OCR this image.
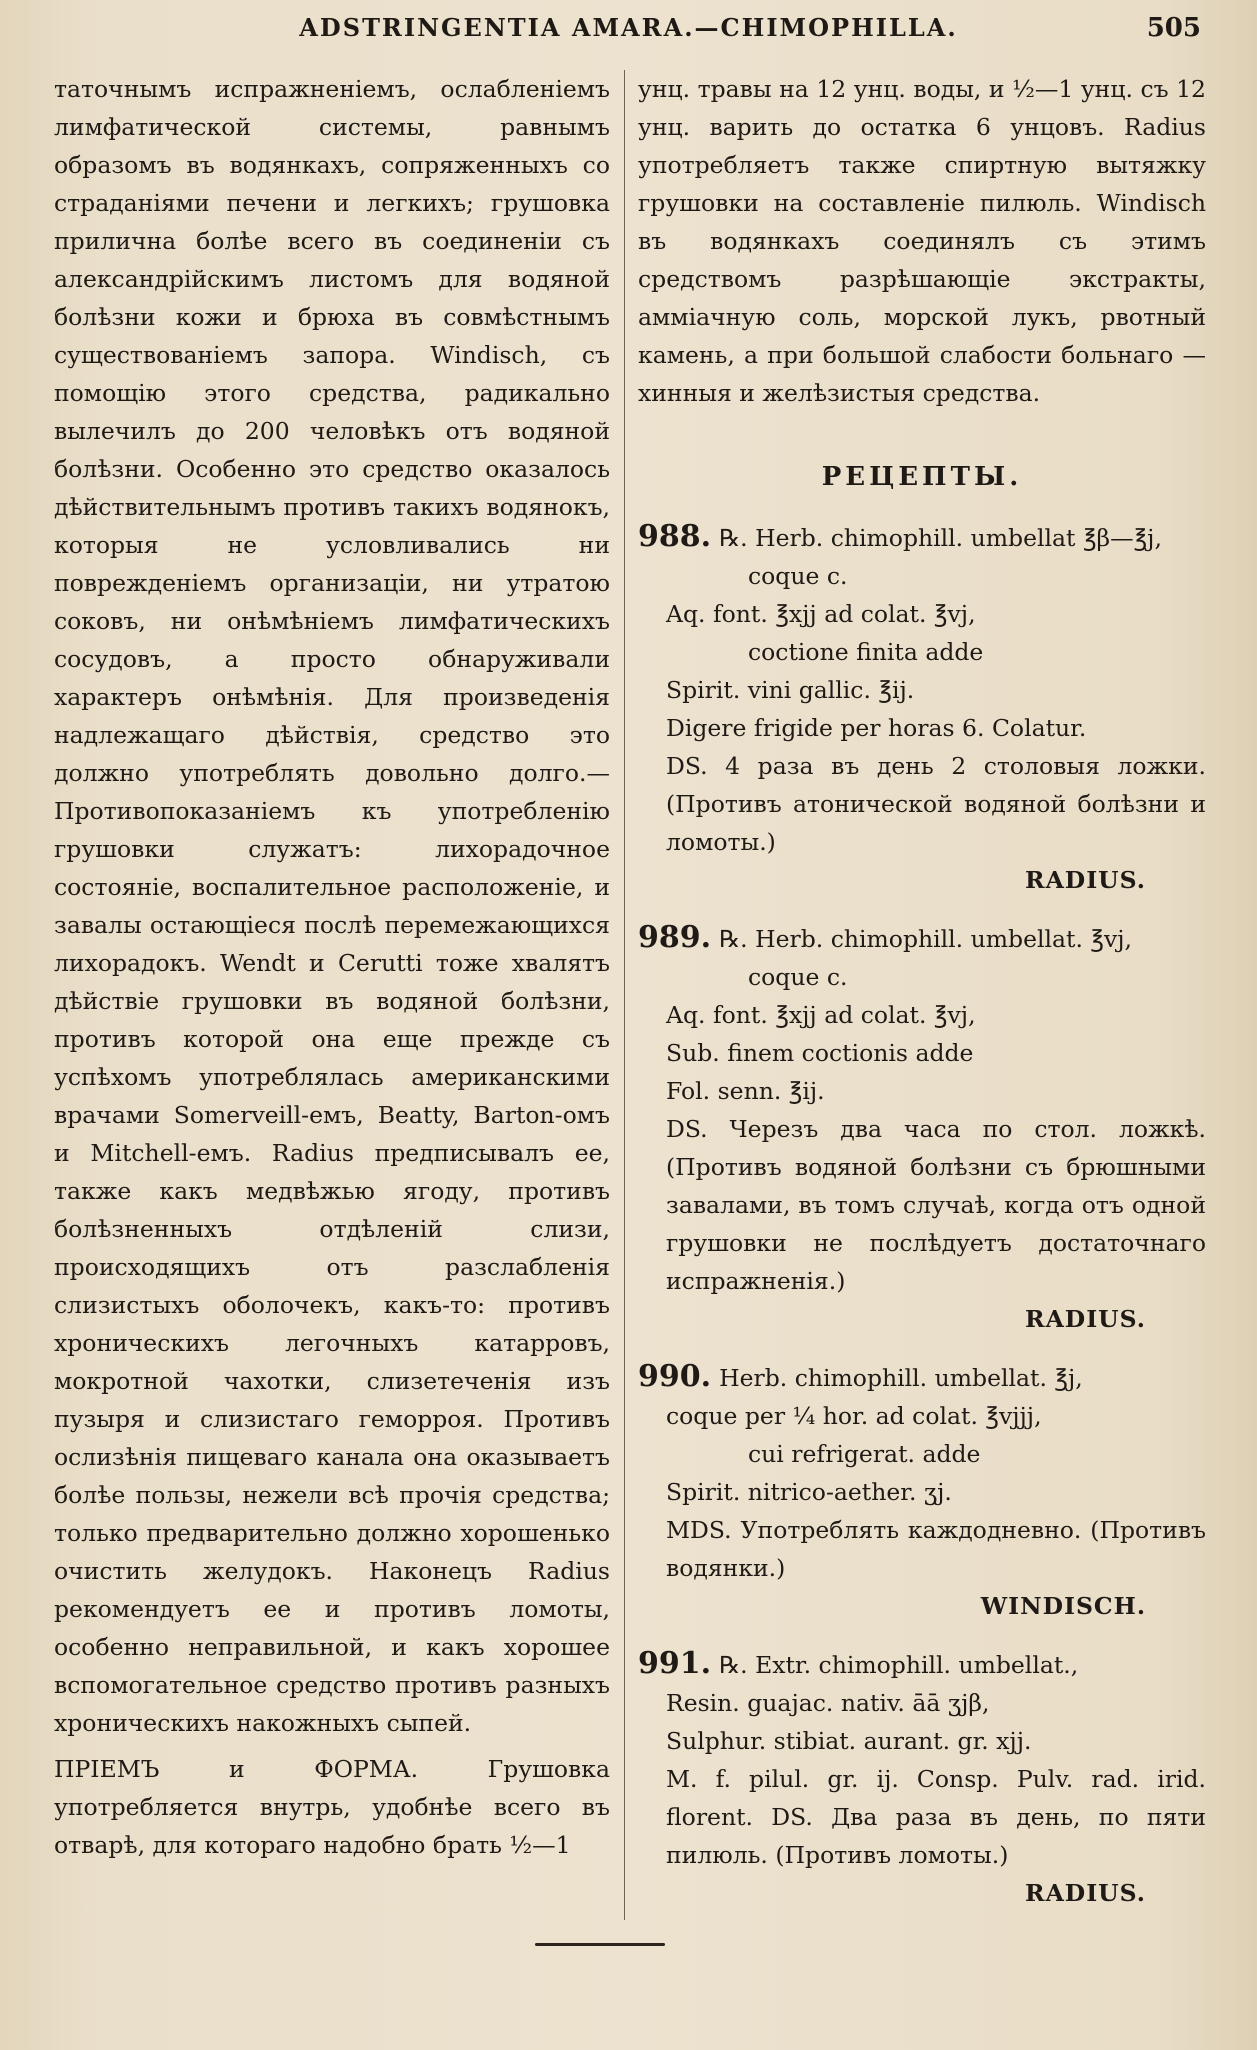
ADSTRINGENTIA AMARA.—CHIMOPHILLA.	505

таточнымъ испражненіемъ, ослабленіемъ лимфатической системы, равнымъ образомъ въ водянкахъ, сопряженныхъ со страданіями печени и легкихъ; грушовка прилична болѣе всего въ соединеніи съ александрійскимъ листомъ для водяной болѣзни кожи и брюха въ совмѣстнымъ существованіемъ запора. Windisch, съ помощію этого средства, радикально вылечилъ до 200 человѣкъ отъ водяной болѣзни. Особенно это средство оказалось дѣйствительнымъ противъ такихъ водянокъ, которыя не условливались ни поврежденіемъ организаціи, ни утратою соковъ, ни онѣмѣніемъ лимфатическихъ сосудовъ, а просто обнаруживали характеръ онѣмѣнія. Для произведенія надлежащаго дѣйствія, средство это должно употреблять довольно долго.—Противопоказаніемъ къ употребленію грушовки служатъ: лихорадочное состояніе, воспалительное расположеніе, и завалы остающіеся послѣ перемежающихся лихорадокъ. Wendt и Cerutti тоже хвалятъ дѣйствіе грушовки въ водяной болѣзни, противъ которой она еще прежде съ успѣхомъ употреблялась американскими врачами Somerveill-емъ, Beatty, Barton-омъ и Mitchell-емъ. Radius предписывалъ ее, также какъ медвѣжью ягоду, противъ болѣзненныхъ отдѣленій слизи, происходящихъ отъ разслабленія слизистыхъ оболочекъ, какъ-то: противъ хроническихъ легочныхъ катарровъ, мокротной чахотки, слизетеченія изъ пузыря и слизистаго геморроя. Противъ ослизѣнія пищеваго канала она оказываетъ болѣе пользы, нежели всѣ прочія средства; только предварительно должно хорошенько очистить желудокъ. Наконецъ Radius рекомендуетъ ее и противъ ломоты, особенно неправильной, и какъ хорошее вспомогательное средство противъ разныхъ хроническихъ накожныхъ сыпей.

ПРІЕМЪ и ФОРМА. Грушовка употребляется внутрь, удобнѣе всего въ отварѣ, для котораго надобно брать ½—1

унц. травы на 12 унц. воды, и ½—1 унц. съ 12 унц. варить до остатка 6 унцовъ. Radius употребляетъ также спиртную вытяжку грушовки на составленіе пилюль. Windisch въ водянкахъ соединялъ съ этимъ средствомъ разрѣшающіе экстракты, амміачную соль, морской лукъ, рвотный камень, а при большой слабости больнаго — хинныя и желѣзистыя средства.

РЕЦЕПТЫ.
988. ℞. Herb. chimophill. umbellat ℥β—℥j,
coque c.
Aq. font. ℥xjj ad colat. ℥vj,
coctione finita adde
Spirit. vini gallic. ℥ij.
Digere frigide per horas 6. Colatur.
DS. 4 раза въ день 2 столовыя ложки. (Противъ атонической водяной болѣзни и ломоты.)
RADIUS.
989. ℞. Herb. chimophill. umbellat. ℥vj,
coque c.
Aq. font. ℥xjj ad colat. ℥vj,
Sub. finem coctionis adde
Fol. senn. ℥ij.
DS. Черезъ два часа по стол. ложкѣ. (Противъ водяной болѣзни съ брюшными завалами, въ томъ случаѣ, когда отъ одной грушовки не послѣдуетъ достаточнаго испражненія.)
RADIUS.
990. Herb. chimophill. umbellat. ℥j,
coque per ¼ hor. ad colat. ℥vjjj,
cui refrigerat. adde
Spirit. nitrico-aether. ʒj.
MDS. Употреблять каждодневно. (Противъ водянки.)
WINDISCH.
991. ℞. Extr. chimophill. umbellat.,
Resin. guajac. nativ. āā ʒjβ,
Sulphur. stibiat. aurant. gr. xjj.
M. f. pilul. gr. ij. Consp. Pulv. rad. irid. florent. DS. Два раза въ день, по пяти пилюль. (Противъ ломоты.)
RADIUS.
